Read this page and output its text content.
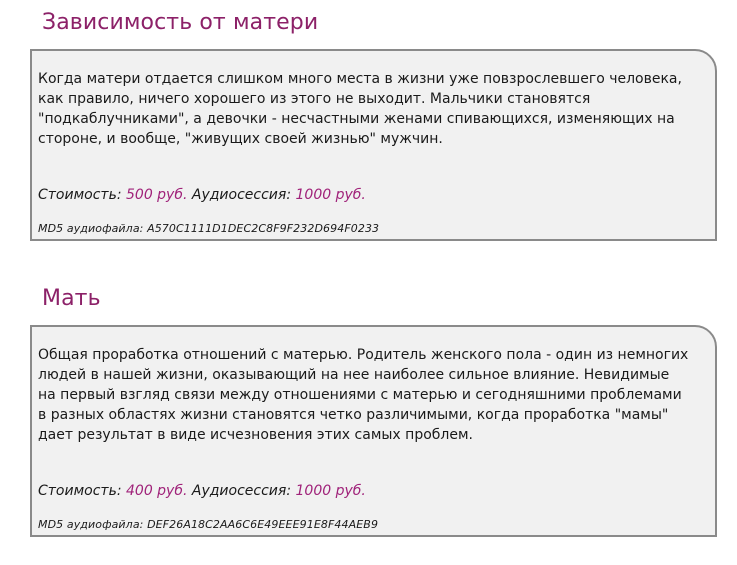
Зависимость от матери

Когда матери отдается слишком много места в жизни уже повзрослевшего человека, как правило, ничего хорошего из этого не выходит. Мальчики становятся "подкаблучниками", а девочки - несчастными женами спивающихся, изменяющих на стороне, и вообще, "живущих своей жизнью" мужчин.

Стоимость: 500 руб. Аудиосессия: 1000 руб.

MD5 аудиофайла: A570C1111D1DEC2C8F9F232D694F0233

Мать

Общая проработка отношений с матерью. Родитель женского пола - один из немногих людей в нашей жизни, оказывающий на нее наиболее сильное влияние. Невидимые на первый взгляд связи между отношениями с матерью и сегодняшними проблемами в разных областях жизни становятся четко различимыми, когда проработка "мамы" дает результат в виде исчезновения этих самых проблем.

Стоимость: 400 руб. Аудиосессия: 1000 руб.

MD5 аудиофайла: DEF26A18C2AA6C6E49EEE91E8F44AEB9
